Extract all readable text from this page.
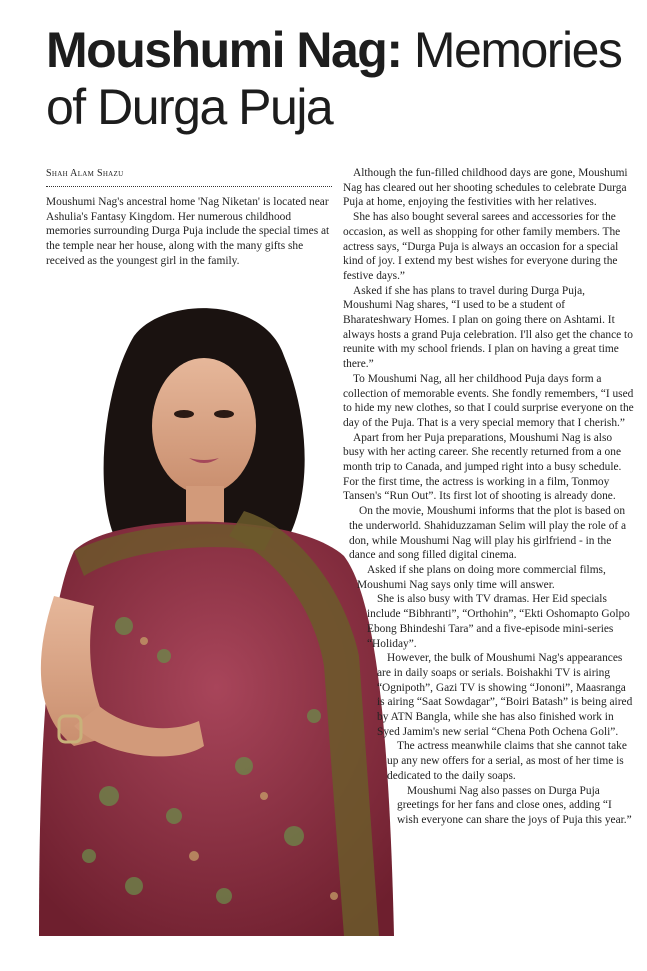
Moushumi Nag: Memories of Durga Puja
Shah Alam Shazu

Moushumi Nag's ancestral home 'Nag Niketan' is located near Ashulia's Fantasy Kingdom. Her numerous childhood memories surrounding Durga Puja include the special times at the temple near her house, along with the many gifts she received as the youngest girl in the family.

Although the fun-filled childhood days are gone, Moushumi Nag has cleared out her shooting schedules to celebrate Durga Puja at home, enjoying the festivities with her relatives.

She has also bought several sarees and accessories for the occasion, as well as shopping for other family members. The actress says, “Durga Puja is always an occasion for a special kind of joy. I extend my best wishes for everyone during the festive days.”

Asked if she has plans to travel during Durga Puja, Moushumi Nag shares, “I used to be a student of Bharateshwary Homes. I plan on going there on Ashtami. It always hosts a grand Puja celebration. I'll also get the chance to reunite with my school friends. I plan on having a great time there.”

To Moushumi Nag, all her childhood Puja days form a collection of memorable events. She fondly remembers, “I used to hide my new clothes, so that I could surprise everyone on the day of the Puja. That is a very special memory that I cherish.”

Apart from her Puja preparations, Moushumi Nag is also busy with her acting career. She recently returned from a one month trip to Canada, and jumped right into a busy schedule. For the first time, the actress is working in a film, Tonmoy Tansen's “Run Out”. Its first lot of shooting is already done.

On the movie, Moushumi informs that the plot is based on the underworld. Shahiduzzaman Selim will play the role of a don, while Moushumi Nag will play his girlfriend - in the dance and song filled digital cinema.

Asked if she plans on doing more commercial films, Moushumi Nag says only time will answer.

She is also busy with TV dramas. Her Eid specials include “Bibhranti”, “Orthohin”, “Ekti Oshomapto Golpo Ebong Bhindeshi Tara” and a five-episode mini-series “Holiday”.

However, the bulk of Moushumi Nag's appearances are in daily soaps or serials. Boishakhi TV is airing “Ognipoth”, Gazi TV is showing “Jononi”, Maasranga is airing “Saat Sowdagar”, “Boiri Batash” is being aired by ATN Bangla, while she has also finished work in Syed Jamim's new serial “Chena Poth Ochena Goli”.

The actress meanwhile claims that she cannot take up any new offers for a serial, as most of her time is dedicated to the daily soaps.

Moushumi Nag also passes on Durga Puja greetings for her fans and close ones, adding “I wish everyone can share the joys of Puja this year.”
